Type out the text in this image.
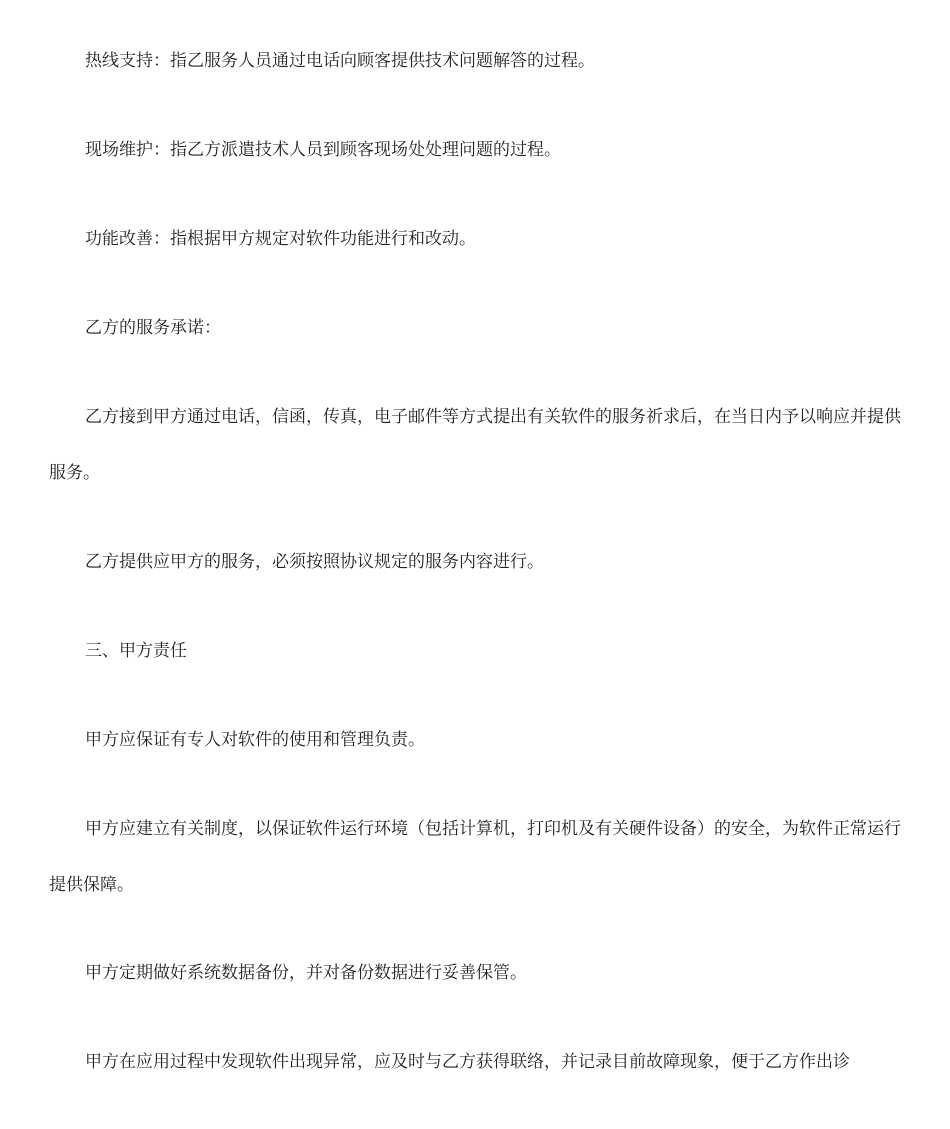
热线支持：指乙服务人员通过电话向顾客提供技术问题解答的过程。

现场维护：指乙方派遣技术人员到顾客现场处处理问题的过程。

功能改善：指根据甲方规定对软件功能进行和改动。

乙方的服务承诺：

乙方接到甲方通过电话，信函，传真，电子邮件等方式提出有关软件的服务祈求后，在当日内予以响应并提供服务。

乙方提供应甲方的服务，必须按照协议规定的服务内容进行。

三、甲方责任

甲方应保证有专人对软件的使用和管理负责。

甲方应建立有关制度，以保证软件运行环境（包括计算机，打印机及有关硬件设备）的安全，为软件正常运行提供保障。

甲方定期做好系统数据备份，并对备份数据进行妥善保管。

甲方在应用过程中发现软件出现异常，应及时与乙方获得联络，并记录目前故障现象，便于乙方作出诊
